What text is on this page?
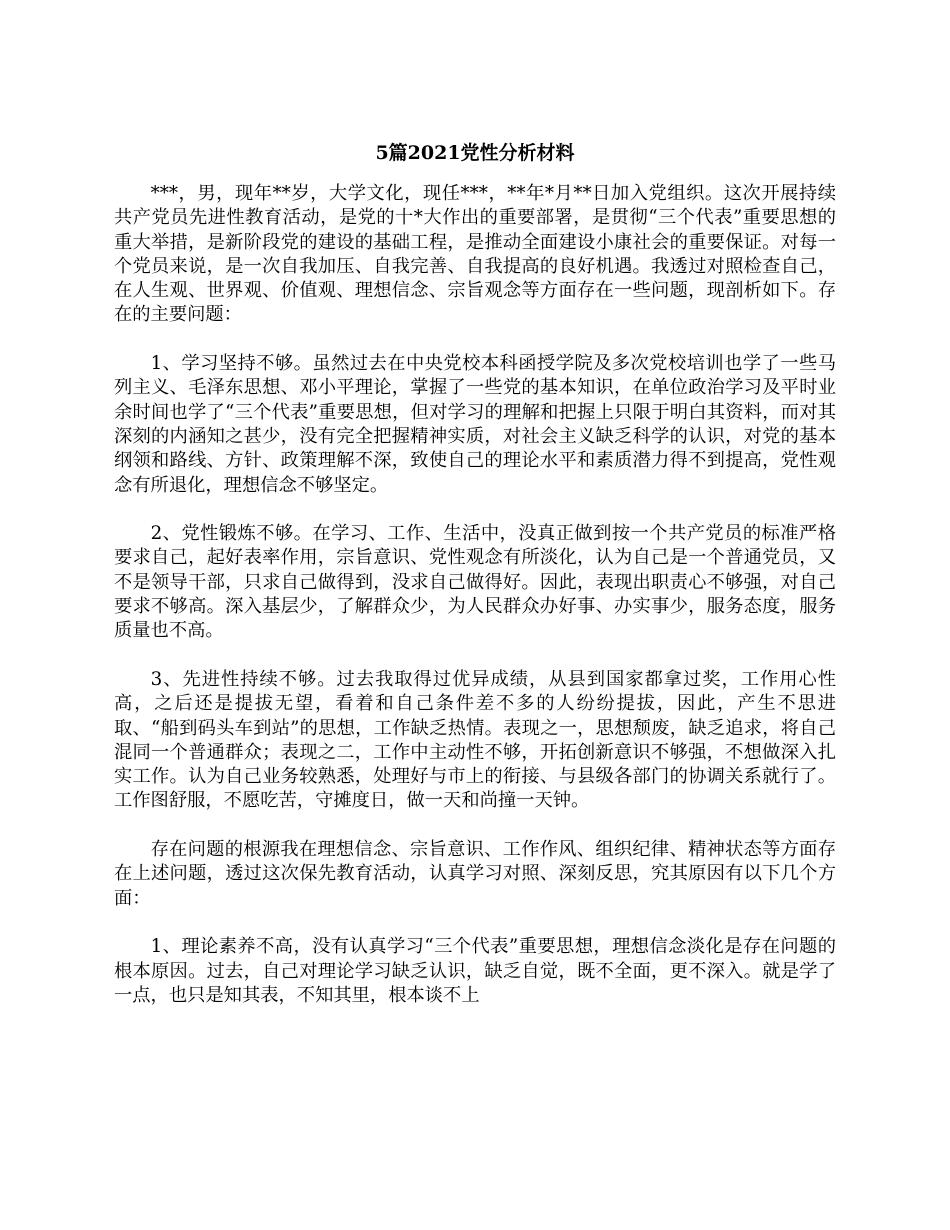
5篇2021党性分析材料

***，男，现年**岁，大学文化，现任***，**年*月**日加入党组织。这次开展持续共产党员先进性教育活动，是党的十*大作出的重要部署，是贯彻“三个代表”重要思想的重大举措，是新阶段党的建设的基础工程，是推动全面建设小康社会的重要保证。对每一个党员来说，是一次自我加压、自我完善、自我提高的良好机遇。我透过对照检查自己，在人生观、世界观、价值观、理想信念、宗旨观念等方面存在一些问题，现剖析如下。存在的主要问题：

1、学习坚持不够。虽然过去在中央党校本科函授学院及多次党校培训也学了一些马列主义、毛泽东思想、邓小平理论，掌握了一些党的基本知识，在单位政治学习及平时业余时间也学了“三个代表”重要思想，但对学习的理解和把握上只限于明白其资料，而对其深刻的内涵知之甚少，没有完全把握精神实质，对社会主义缺乏科学的认识，对党的基本纲领和路线、方针、政策理解不深，致使自己的理论水平和素质潜力得不到提高，党性观念有所退化，理想信念不够坚定。

2、党性锻炼不够。在学习、工作、生活中，没真正做到按一个共产党员的标准严格要求自己，起好表率作用，宗旨意识、党性观念有所淡化，认为自己是一个普通党员，又不是领导干部，只求自己做得到，没求自己做得好。因此，表现出职责心不够强，对自己要求不够高。深入基层少，了解群众少，为人民群众办好事、办实事少，服务态度，服务质量也不高。

3、先进性持续不够。过去我取得过优异成绩，从县到国家都拿过奖，工作用心性高，之后还是提拔无望，看着和自己条件差不多的人纷纷提拔，因此，产生不思进取、“船到码头车到站”的思想，工作缺乏热情。表现之一，思想颓废，缺乏追求，将自己混同一个普通群众；表现之二，工作中主动性不够，开拓创新意识不够强，不想做深入扎实工作。认为自己业务较熟悉，处理好与市上的衔接、与县级各部门的协调关系就行了。工作图舒服，不愿吃苦，守摊度日，做一天和尚撞一天钟。

存在问题的根源我在理想信念、宗旨意识、工作作风、组织纪律、精神状态等方面存在上述问题，透过这次保先教育活动，认真学习对照、深刻反思，究其原因有以下几个方面：

1、理论素养不高，没有认真学习“三个代表”重要思想，理想信念淡化是存在问题的根本原因。过去，自己对理论学习缺乏认识，缺乏自觉，既不全面，更不深入。就是学了一点，也只是知其表，不知其里，根本谈不上
